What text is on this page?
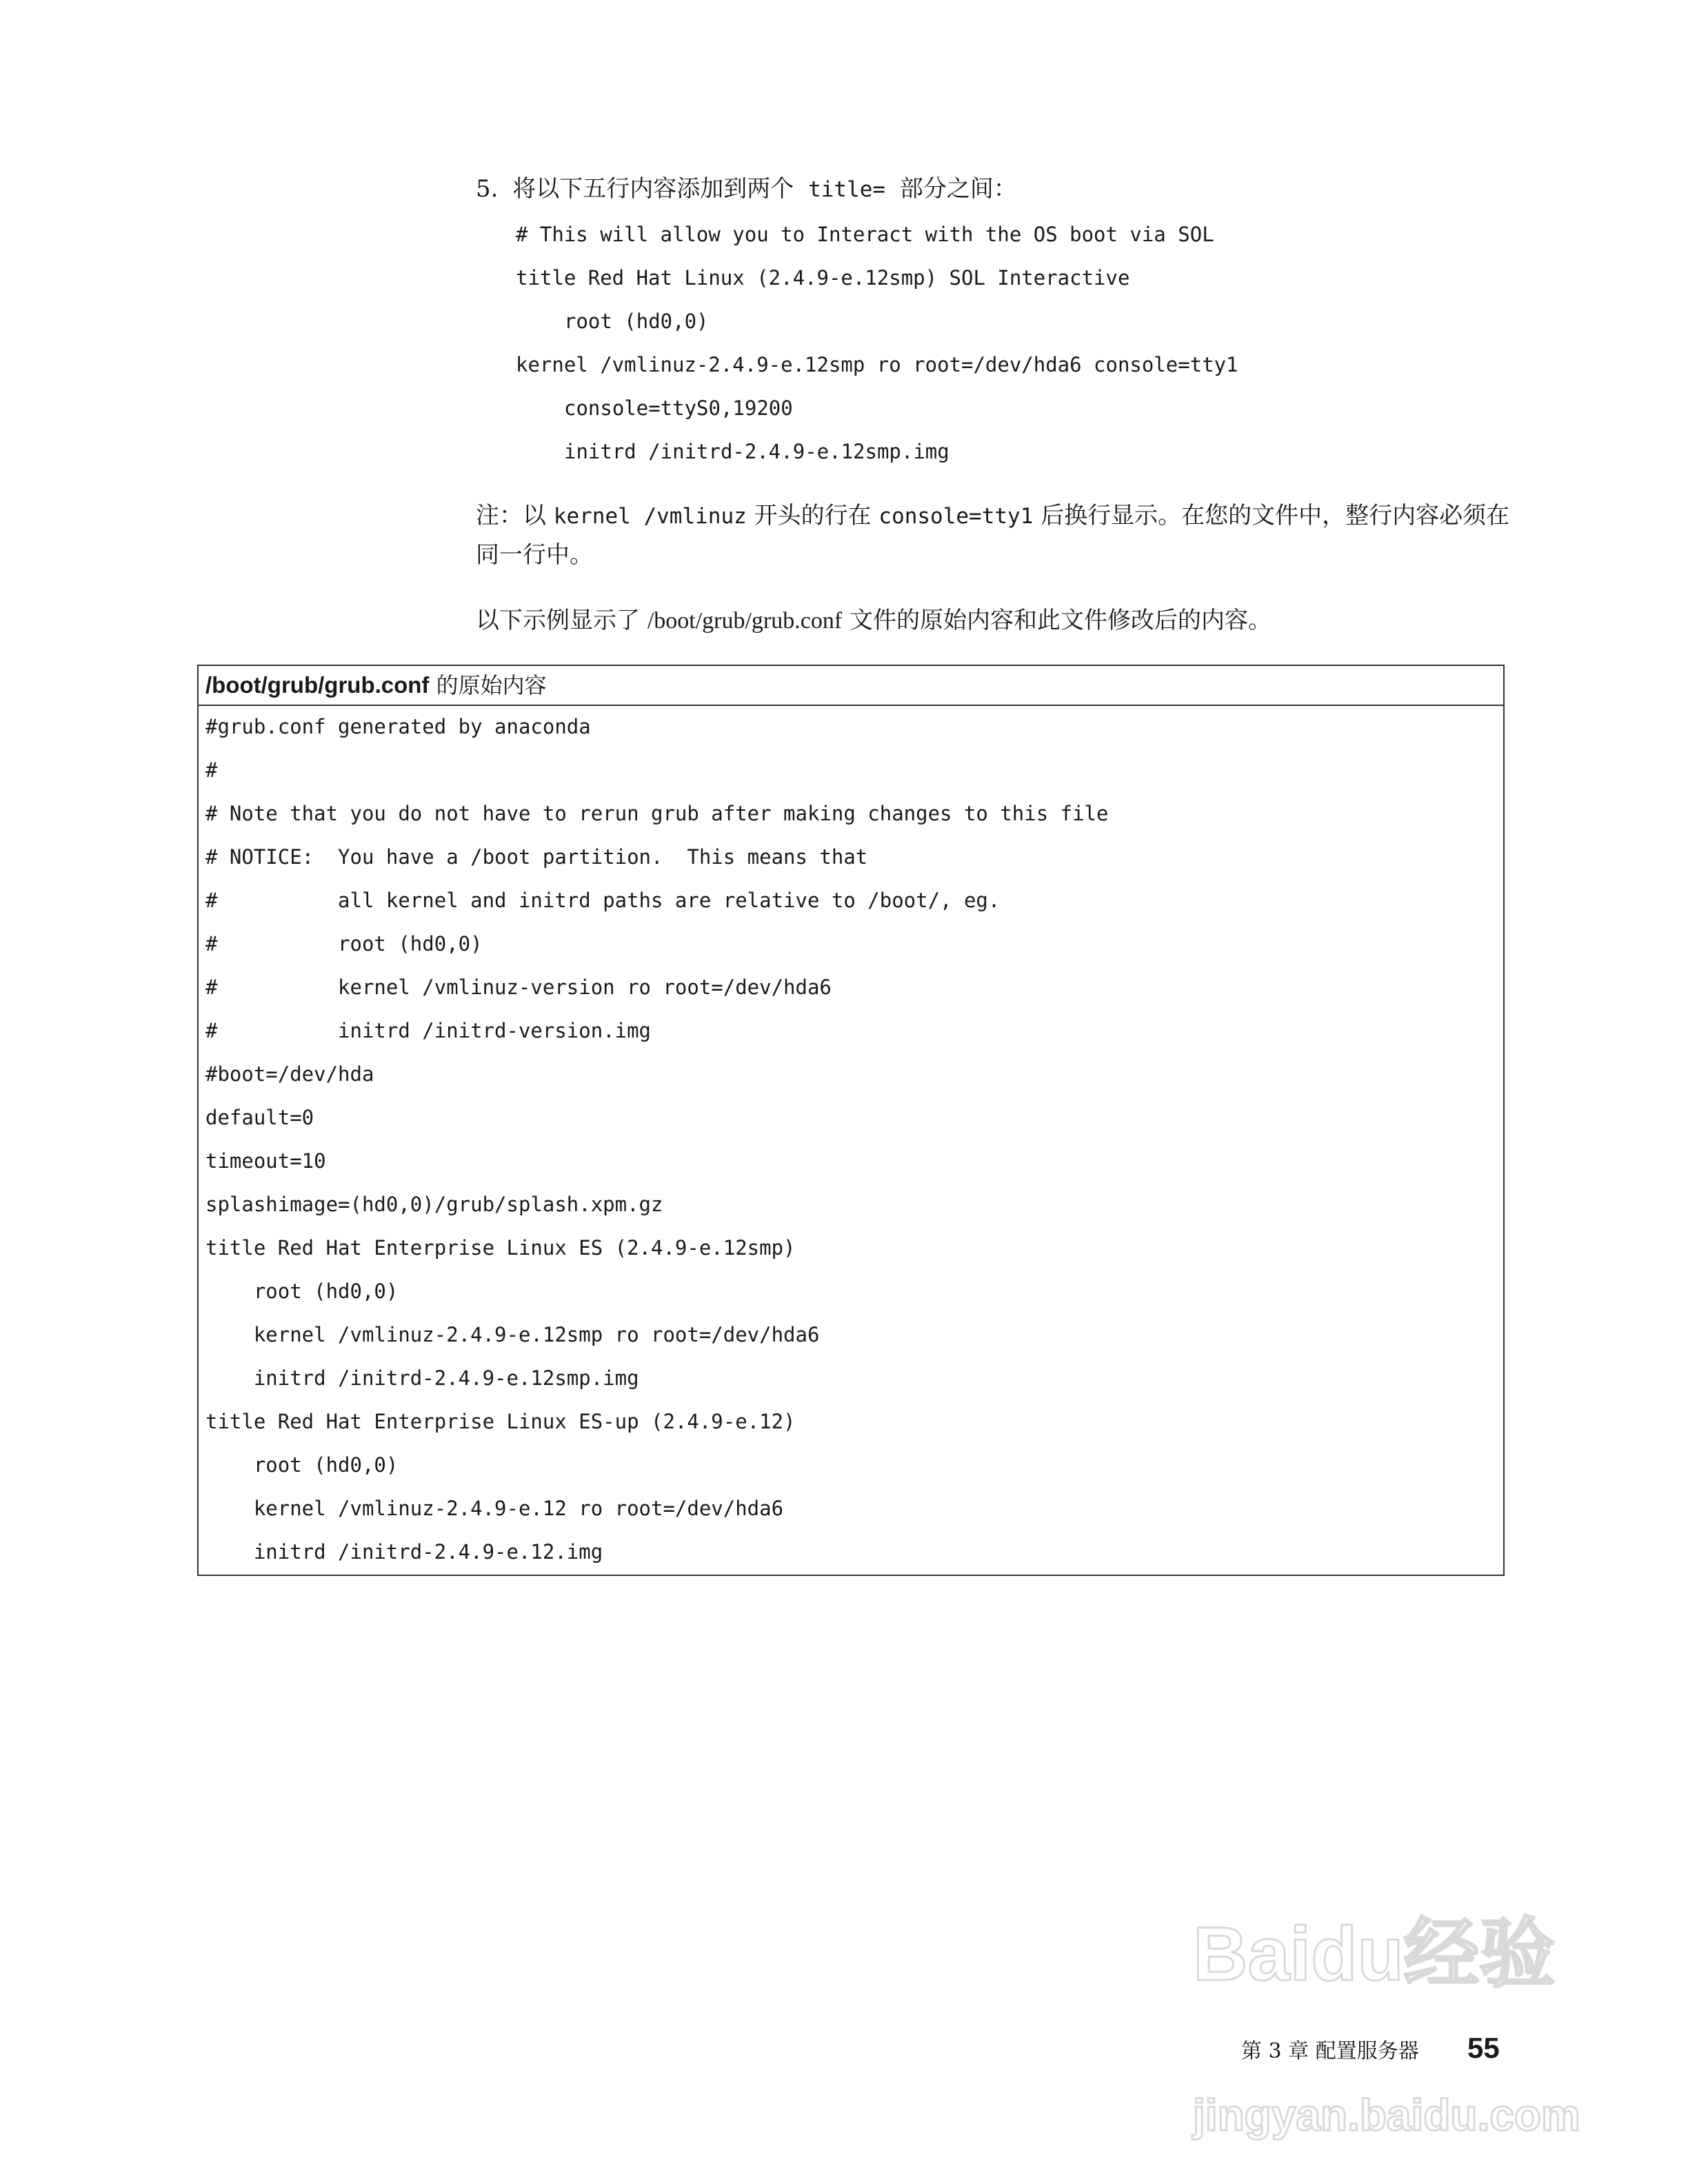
5. 将以下五行内容添加到两个 title= 部分之间：
# This will allow you to Interact with the OS boot via SOL
title Red Hat Linux (2.4.9-e.12smp) SOL Interactive
root (hd0,0)
kernel /vmlinuz-2.4.9-e.12smp ro root=/dev/hda6 console=tty1
console=ttyS0,19200
initrd /initrd-2.4.9-e.12smp.img
注：以 kernel /vmlinuz 开头的行在 console=tty1 后换行显示。在您的文件中，整行内容必须在同一行中。
以下示例显示了 /boot/grub/grub.conf 文件的原始内容和此文件修改后的内容。
/boot/grub/grub.conf 的原始内容
#grub.conf generated by anaconda
#
# Note that you do not have to rerun grub after making changes to this file
# NOTICE:  You have a /boot partition.  This means that
#          all kernel and initrd paths are relative to /boot/, eg.
#          root (hd0,0)
#          kernel /vmlinuz-version ro root=/dev/hda6
#          initrd /initrd-version.img
#boot=/dev/hda
default=0
timeout=10
splashimage=(hd0,0)/grub/splash.xpm.gz
title Red Hat Enterprise Linux ES (2.4.9-e.12smp)
root (hd0,0)
kernel /vmlinuz-2.4.9-e.12smp ro root=/dev/hda6
initrd /initrd-2.4.9-e.12smp.img
title Red Hat Enterprise Linux ES-up (2.4.9-e.12)
root (hd0,0)
kernel /vmlinuz-2.4.9-e.12 ro root=/dev/hda6
initrd /initrd-2.4.9-e.12.img
Baidu经验
jingyan.baidu.com
第 3 章 配置服务器 55
